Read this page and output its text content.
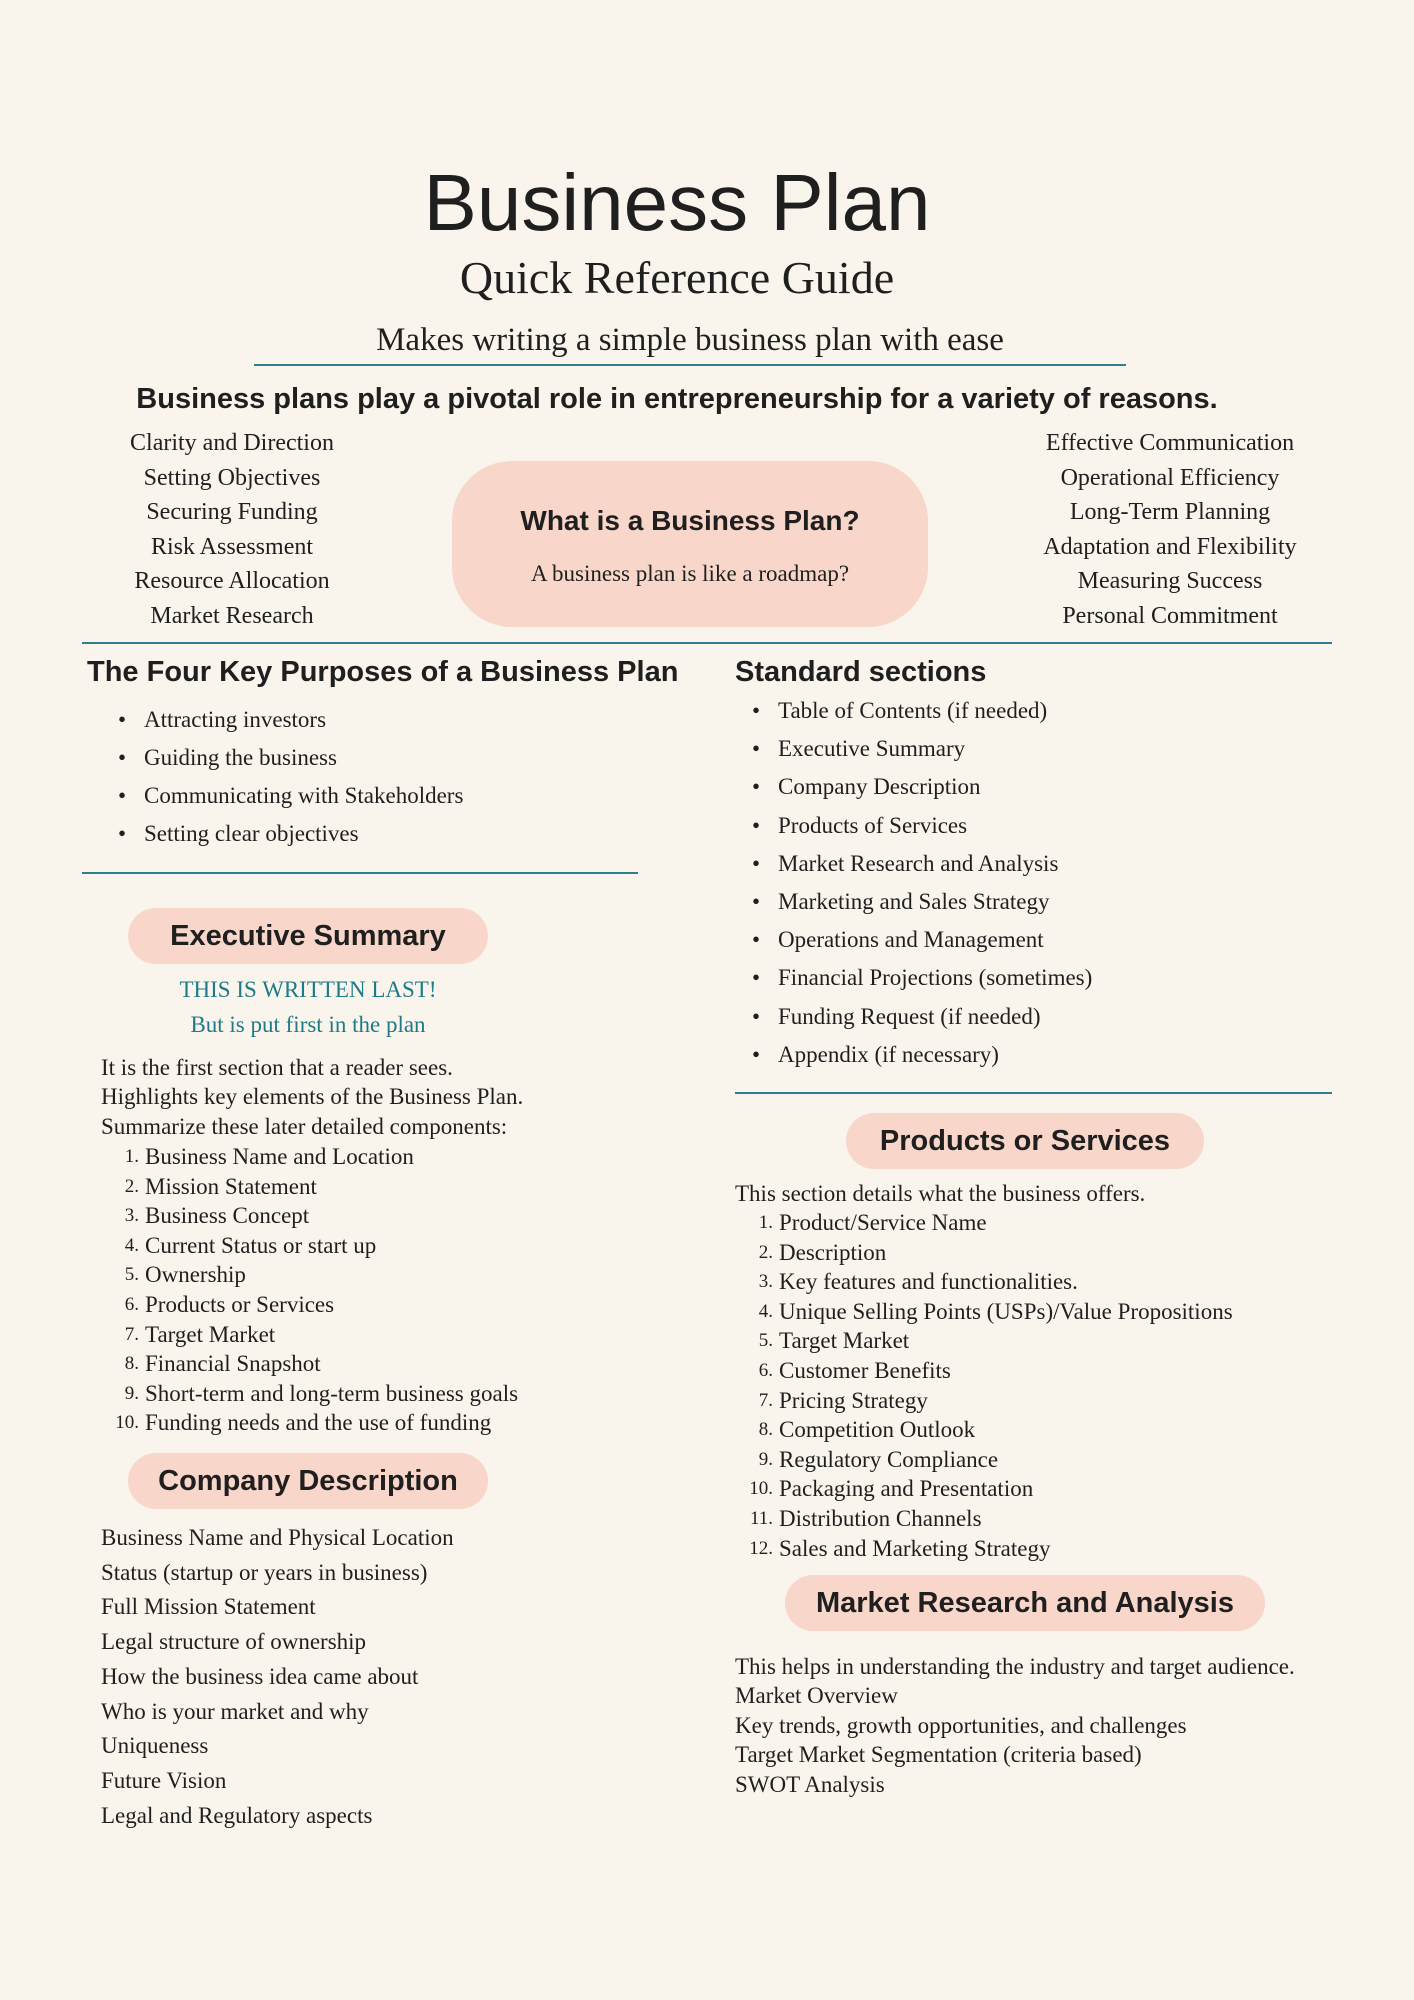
Business Plan
Quick Reference Guide
Makes writing a simple business plan with ease
Business plans play a pivotal role in entrepreneurship for a variety of reasons.
Clarity and Direction
Setting Objectives
Securing Funding
Risk Assessment
Resource Allocation
Market Research
Effective Communication
Operational Efficiency
Long-Term Planning
Adaptation and Flexibility
Measuring Success
Personal Commitment
What is a Business Plan?
A business plan is like a roadmap?
The Four Key Purposes of a Business Plan
• Attracting investors
• Guiding the business
• Communicating with Stakeholders
• Setting clear objectives
Standard sections
• Table of Contents (if needed)
• Executive Summary
• Company Description
• Products of Services
• Market Research and Analysis
• Marketing and Sales Strategy
• Operations and Management
• Financial Projections (sometimes)
• Funding Request (if needed)
• Appendix (if necessary)
Executive Summary
THIS IS WRITTEN LAST!
But is put first in the plan
It is the first section that a reader sees.
Highlights key elements of the Business Plan.
Summarize these later detailed components:
1. Business Name and Location
2. Mission Statement
3. Business Concept
4. Current Status or start up
5. Ownership
6. Products or Services
7. Target Market
8. Financial Snapshot
9. Short-term and long-term business goals
10. Funding needs and the use of funding
Company Description
Business Name and Physical Location
Status (startup or years in business)
Full Mission Statement
Legal structure of ownership
How the business idea came about
Who is your market and why
Uniqueness
Future Vision
Legal and Regulatory aspects
Products or Services
This section details what the business offers.
1. Product/Service Name
2. Description
3. Key features and functionalities.
4. Unique Selling Points (USPs)/Value Propositions
5. Target Market
6. Customer Benefits
7. Pricing Strategy
8. Competition Outlook
9. Regulatory Compliance
10. Packaging and Presentation
11. Distribution Channels
12. Sales and Marketing Strategy
Market Research and Analysis
This helps in understanding the industry and target audience.
Market Overview
Key trends, growth opportunities, and challenges
Target Market Segmentation (criteria based)
SWOT Analysis
